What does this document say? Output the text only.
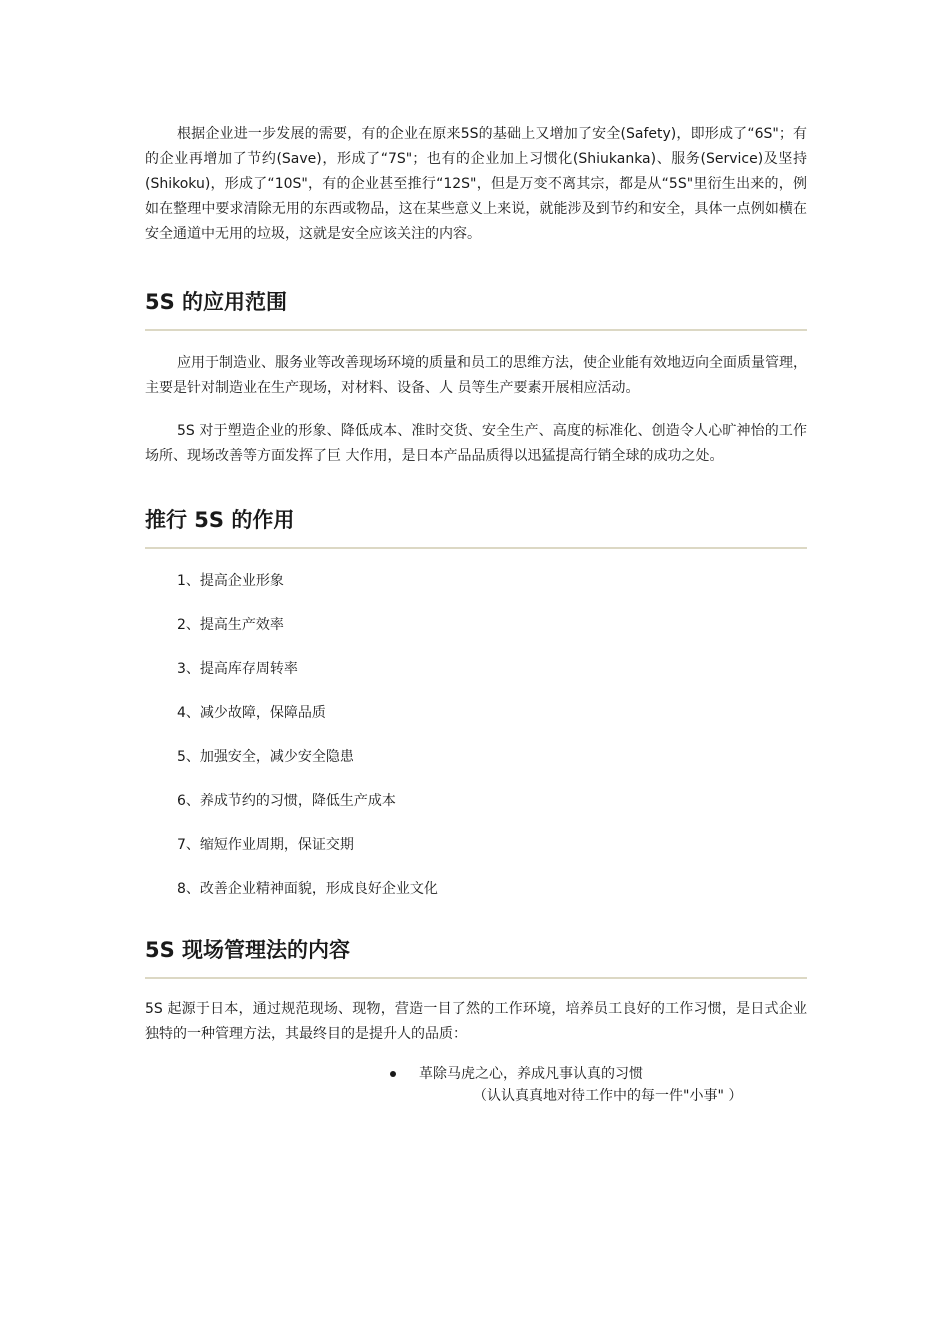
根据企业进一步发展的需要，有的企业在原来5S的基础上又增加了安全(Safety)，即形成了“6S"；有的企业再增加了节约(Save)，形成了“7S"；也有的企业加上习惯化(Shiukanka)、服务(Service)及坚持(Shikoku)，形成了“10S"，有的企业甚至推行“12S"，但是万变不离其宗，都是从“5S"里衍生出来的，例如在整理中要求清除无用的东西或物品，这在某些意义上来说，就能涉及到节约和安全，具体一点例如横在安全通道中无用的垃圾，这就是安全应该关注的内容。

5S 的应用范围

应用于制造业、服务业等改善现场环境的质量和员工的思维方法，使企业能有效地迈向全面质量管理，主要是针对制造业在生产现场，对材料、设备、人 员等生产要素开展相应活动。

5S 对于塑造企业的形象、降低成本、准时交货、安全生产、高度的标准化、创造令人心旷神怡的工作场所、现场改善等方面发挥了巨 大作用，是日本产品品质得以迅猛提高行销全球的成功之处。

推行 5S 的作用
1、提高企业形象
2、提高生产效率
3、提高库存周转率
4、减少故障，保障品质
5、加强安全，减少安全隐患
6、养成节约的习惯，降低生产成本
7、缩短作业周期，保证交期
8、改善企业精神面貌，形成良好企业文化
5S 现场管理法的内容

5S 起源于日本，通过规范现场、现物，营造一目了然的工作环境，培养员工良好的工作习惯，是日式企业独特的一种管理方法，其最终目的是提升人的品质：

革除马虎之心，养成凡事认真的习惯
（认认真真地对待工作中的每一件"小事" ）
